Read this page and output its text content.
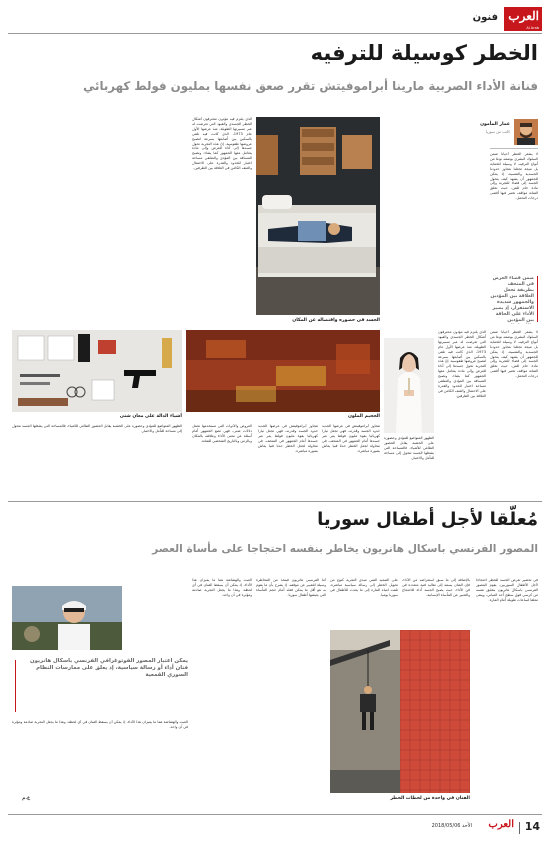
العرب
Al Arab
فنون
الخطر كوسيلة للترفيه
فنانة الأداء الصربية مارينا أبراموفيتش تقرر صعق نفسها بمليون فولط كهربائي
عمار المأمون
كاتب من سوريا
لا يشعر الخطر أحيانا ضمن السلوك البشري بوصفه نوعا من أنواع الترفيه، لا وسيلة للحماية بل نتيجة تجعلنا نتجاوز حدودنا الجسدية والنفسية، إذ يمكن للجمهور أن يشهد كيف يتحول الجسد إلى فضاء للتجربة وإلى مادة خام للفن، حيث تخلق الفنانة مواقف تختبر فيها أقصى درجات التحمل.
ضمن فضاء العرض في المتحف بطريقة تجعل العلاقة بين المؤدين والجمهور شديدة الاستقرار، إذ يصير الأداء على الحافة بين المؤدين
لا يشعر الخطر أحيانا ضمن السلوك البشري بوصفه نوعا من أنواع الترفيه، لا وسيلة للحماية بل نتيجة تجعلنا نتجاوز حدودنا الجسدية والنفسية، إذ يمكن للجمهور أن يشهد كيف يتحول الجسد إلى فضاء للتجربة وإلى مادة خام للفن، حيث تخلق الفنانة مواقف تختبر فيها أقصى درجات التحمل.
الذي يلتزم فيه مؤدون محترفون أشكال الخطر الجسدي والقيود التي تعرضت له عبر مسيرتها الطويلة، منذ عرضها الأول عام 1973، الذي كانت فيه تلقي بالسكين بين أصابعها بسرعة لتصبح عروضها طقوسية. إنّ هذه التجربة تحول جسدها إلى أداة للعرض وإلى مادة يتعامل معها الجمهور كما يشاء، وتصبح المسافة بين المؤدي والمتلقي مساحة اختبار للحدود والقدرة على الاحتمال والعنف الكامن في العلاقة بين الطرفين.
الجسد في حضوره واقتصاله عن المكان
الذي يلتزم فيه مؤدون محترفون أشكال الخطر الجسدي والقيود التي تعرضت له عبر مسيرتها الطويلة، منذ عرضها الأول عام 1973، الذي كانت فيه تلقي بالسكين بين أصابعها بسرعة لتصبح عروضها طقوسية. إنّ هذه التجربة تحول جسدها إلى أداة للعرض وإلى مادة يتعامل معها الجمهور كما يشاء، وتصبح المسافة بين المؤدي والمتلقي مساحة اختبار للحدود والقدرة على الاحتمال والعنف الكامن في العلاقة بين الطرفين.
أشياء الدالة على معان شتى	الجحيم الملون
الظهور المتواضع للمؤدي وحضوره على الخشبة يقابل الحضور الطاغي للأشياء، فالمساحة التي يشغلها الجسد تتحول إلى مساحة للتأمل والاختبار.
تتجاوز أبراموفيتش في عرضها الجديد حدود الجسد وقدرته، فهي تجعل تيارا كهربائيا بقوة مليون فولط يمر عبر جسدها أمام الجمهور في المتحف، في محاولة لجعل الخطر حدثا فنيا يعاش بصورة مباشرة.
تتجاوز أبراموفيتش في عرضها الجديد حدود الجسد وقدرته، فهي تجعل تيارا كهربائيا بقوة مليون فولط يمر عبر جسدها أمام الجمهور في المتحف، في محاولة لجعل الخطر حدثا فنيا يعاش بصورة مباشرة.
العروض والأدوات التي تستخدمها تحمل دلالات شتى، فهي تضع الجمهور أمام أسئلة عن معنى الأداء وعلاقته بالمكان وبالزمن وبالتاريخ الشخصي للفنانة.
الظهور المتواضع للمؤدي وحضوره على الخشبة يقابل الحضور الطاغي للأشياء، فالمساحة التي يشغلها الجسد تتحول إلى مساحة للتأمل والاختبار.
مُعلّقا لأجل أطفال سوريا
المصور الفرنسي باسكال هانريون يخاطر بنفسه احتجاجا على مأساة العصر
في تحضير تعرض الجسد للخطر احتجاجا لأجل الأطفال السوريين، يقوم المصور الفرنسي باسكال هانريون بتعليق نفسه من كرسي فوق سطح أحد المباني، ويبقى معلقا لساعات طويلة أمام المارة.
بالإضافة إلى ما سبق استعراضه من الأداء، فإن الفنان يستند إلى تقاليد فنية متعددة في فن الأداء، حيث يصبح الجسد أداة للاحتجاج والتعبير عن المأساة الإنسانية.
على الصعيد الفني تتبدى التجربة كنوع من تحويل الخطر إلى رسالة سياسية مباشرة، تلفت انتباه المارة إلى ما يحدث للأطفال في سوريا يوميا.
أما الفرنسي هانريون فيتخذ من المخاطرة وسيلة للتعبير عن موقفه، إذ يصرح بأن ما يقوم به هو أقل ما يمكن فعله أمام حجم المأساة التي يعيشها أطفال سوريا.
العبث والهشاشة هما ما يميزان هذا الأداء، إذ يمكن أن يسقط الفنان في أي لحظة، وهذا ما يجعل التجربة صادمة ومؤثرة في آن واحد.
الفنان في واحدة من لحظات الخطر
يمكن اعتبار المصور الفوتوغرافي الفرنسي باسكال هانريون فنان أداء أو رسالة سياسية، إذ يعلق على ممارسات النظام السوري القمعية
العبث والهشاشة هما ما يميزان هذا الأداء، إذ يمكن أن يسقط الفنان في أي لحظة، وهذا ما يجعل التجربة صادمة ومؤثرة في آن واحد.
ع.م
14
العرب
الأحد 2018/05/06
